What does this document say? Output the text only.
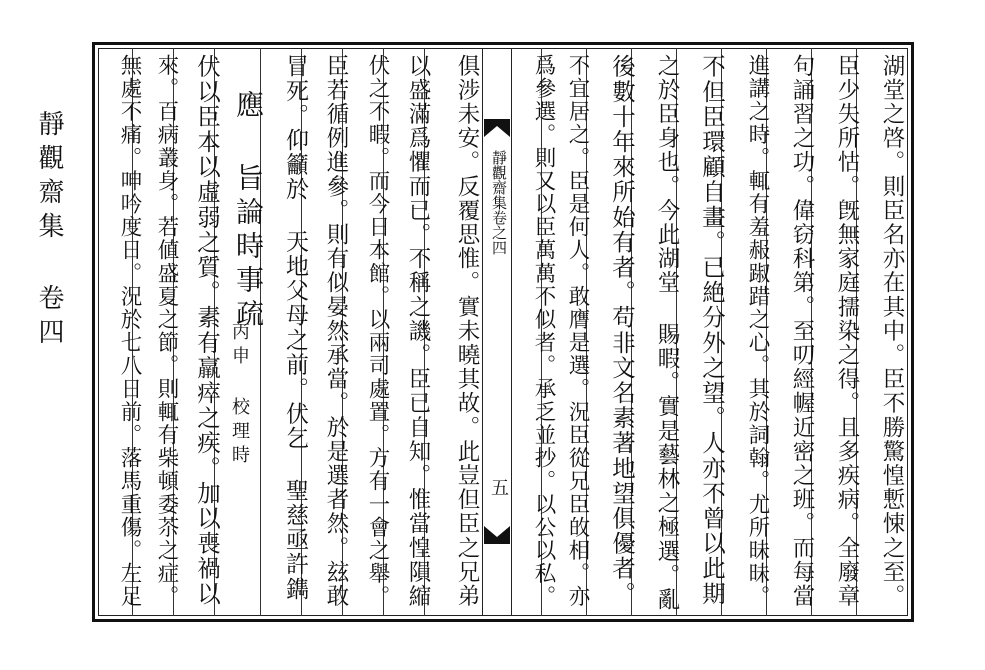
靜觀齋集 卷四	靜觀齋集卷之四
五	湖堂之啓。則臣名亦在其中。臣不勝驚惶慙悚之至。
臣少失所怙。旣無家庭擩染之得。且多疾病。全廢章
句誦習之功。偉窃科第。至叨經幄近密之班。而每當
進講之時。輒有羞赧踧踖之心。其於詞翰。尤所昧昧。
不但臣環顧自畫。已絶分外之望。人亦不曾以此期
之於臣身也。今此湖堂 賜暇。實是藝林之極選。亂
後數十年來所始有者。苟非文名素著地望俱優者。
不宜居之。臣是何人。敢膺是選。況臣從兄臣敀相。亦
爲參選。則又以臣萬萬不似者。承乏並抄。以公以私。
俱涉未安。反覆思惟。實未曉其故。此豈但臣之兄弟
以盛滿爲懼而已。不稱之譏。臣已自知。惟當惶隕縮
伏之不暇。而今日本館。以兩司處置。方有一會之舉。
臣若循例進參。則有似晏然承當。於是選者然。玆敢
冒死。仰籲於 天地父母之前。伏乞 聖慈亟許鐫
應 旨論時事疏
丙申 校理時
伏以臣本以虛弱之質。素有羸瘁之疾。加以喪禍以
來。百病叢身。若値盛夏之節。則輒有柴頓委苶之症。
無處不痛。呻吟度日。況於七八日前。落馬重傷。左足
